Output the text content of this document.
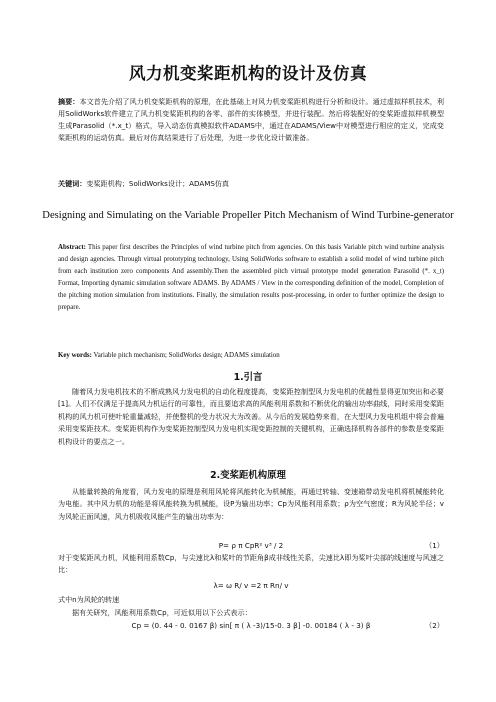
风力机变桨距机构的设计及仿真
摘要：本文首先介绍了风力机变桨距机构的原理，在此基础上对风力机变桨距机构进行分析和设计。通过虚拟样机技术，利用SolidWorks软件建立了风力机变桨距机构的各零、部件的实体模型，并进行装配。然后将装配好的变桨距虚拟样机模型生成Parasolid（*.x_t）格式，导入动态仿真模拟软件ADAMS中，通过在ADAMS/View中对模型进行相应的定义，完成变桨距机构的运动仿真。最后对仿真结果进行了后处理，为进一步优化设计做准备。
关键词：变桨距机构；SolidWorks设计；ADAMS仿真
Designing and Simulating on the Variable Propeller Pitch Mechanism of Wind Turbine-generator
Abstract: This paper first describes the Principles of wind turbine pitch from agencies. On this basis Variable pitch wind turbine analysis and design agencies. Through virtual prototyping technology, Using SolidWorks software to establish a solid model of wind turbine pitch from each institution zero components And assembly.Then the assembled pitch virtual prototype model generation Parasolid (*. x_t) Format, Importing dynamic simulation software ADAMS. By ADAMS / View in the corresponding definition of the model, Completion of the pitching motion simulation from institutions. Finally, the simulation results post-processing, in order to further optimize the design to prepare.
Key words: Variable pitch mechanism; SolidWorks design; ADAMS simulation
1.引言
随着风力发电机技术的不断成熟风力发电机的自动化程度提高，变桨距控制型风力发电机的优越性显得更加突出和必要[1]。人们不仅满足于提高风力机运行的可靠性，而且要追求高的风能利用系数和不断优化的输出功率曲线，同时采用变桨距机构的风力机可使叶轮重量减轻，并使整机的受力状况大为改善。从今后的发展趋势来看，在大型风力发电机组中将会普遍采用变桨距技术。变桨距机构作为变桨距控制型风力发电机实现变距控制的关键机构，正确选择机构各部件的参数是变桨距机构设计的要点之一。
2.变桨距机构原理
从能量转换的角度看，风力发电的原理是利用风轮将风能转化为机械能，再通过转轴、变速箱带动发电机将机械能转化为电能。其中风力机的功能是将风能转换为机械能，设P为输出功率；Cp为风能利用系数；ρ为空气密度；R为风轮半径；v为风轮正面风速，风力机吸收风能产生的输出功率为：
P= ρ π CpR² v³ / 2	（1）
对于变桨距风力机，风能利用系数Cp，与尖速比λ和桨叶的节距角β成非线性关系，尖速比λ即为桨叶尖部的线速度与风速之比：
λ= ω R/ v =2 π Rn/ v
式中n为风轮的转速
据有关研究，风能利用系数Cp，可近似用以下公式表示：
Cp = (0. 44 - 0. 0167 β) sin[ π ( λ -3)/15-0. 3 β] -0. 00184 ( λ - 3) β	（2）
